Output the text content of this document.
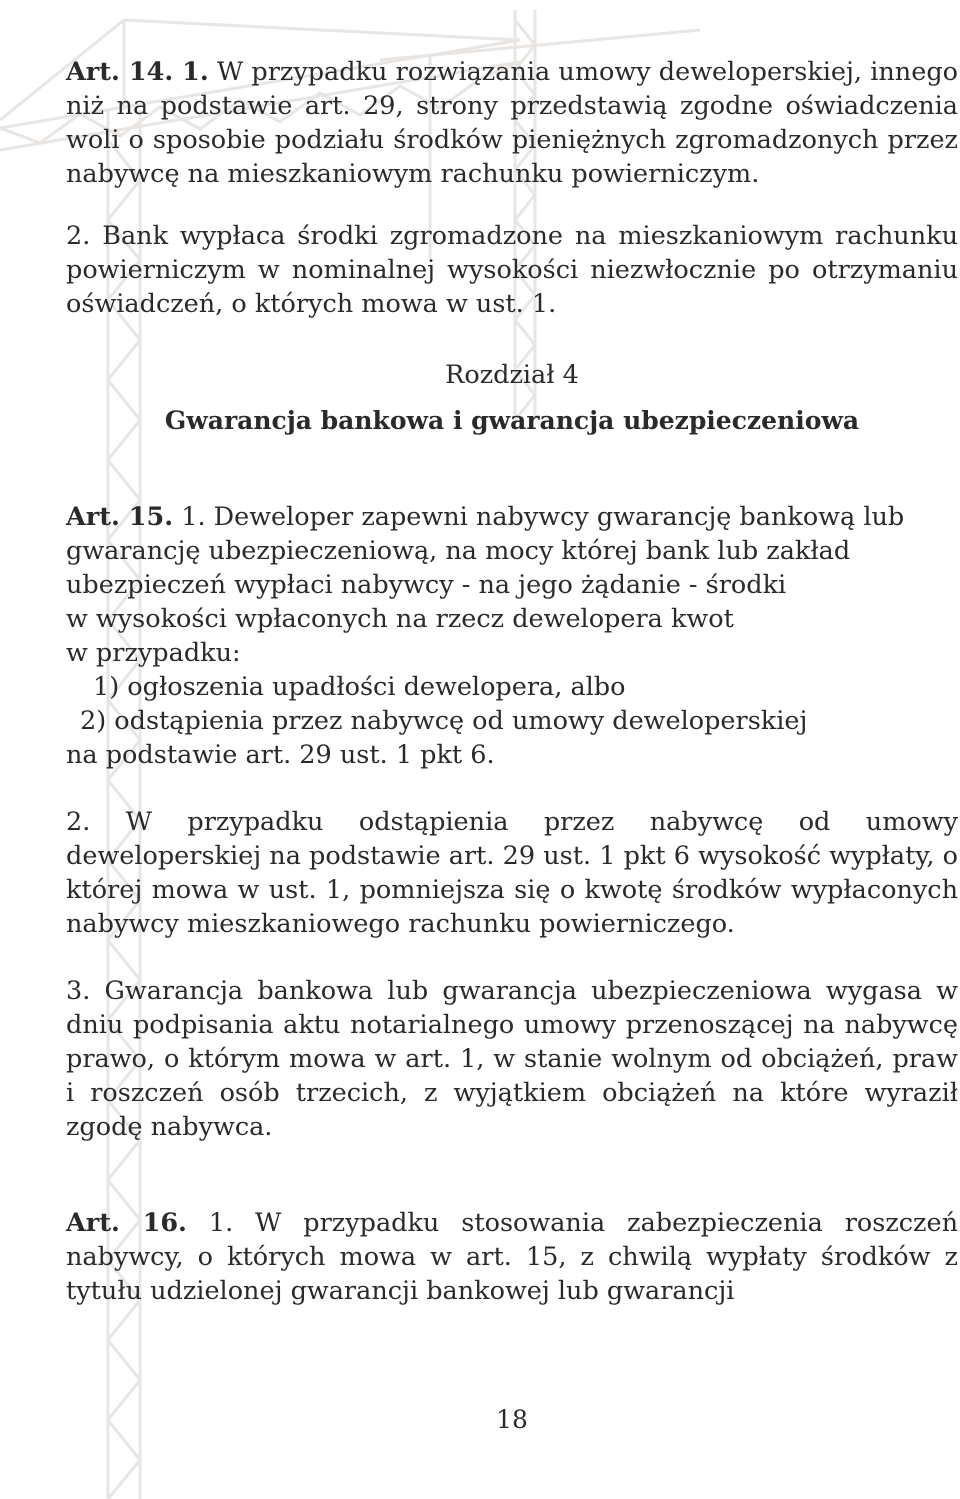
Art. 14. 1. W przypadku rozwiązania umowy deweloperskiej, innego niż na podstawie art. 29, strony przedstawią zgodne oświadczenia woli o sposobie podziału środków pieniężnych zgromadzonych przez nabywcę na mieszkaniowym rachunku powierniczym.

2. Bank wypłaca środki zgromadzone na mieszkaniowym rachunku powierniczym w nominalnej wysokości niezwłocznie po otrzymaniu oświadczeń, o których mowa w ust. 1.

Rozdział 4

Gwarancja bankowa i gwarancja ubezpieczeniowa

Art. 15. 1. Deweloper zapewni nabywcy gwarancję bankową lub
gwarancję ubezpieczeniową, na mocy której bank lub zakład
ubezpieczeń wypłaci nabywcy - na jego żądanie - środki
w wysokości wpłaconych na rzecz dewelopera kwot
w przypadku:

1) ogłoszenia upadłości dewelopera, albo

2) odstąpienia przez nabywcę od umowy deweloperskiej

na podstawie art. 29 ust. 1 pkt 6.

2. W przypadku odstąpienia przez nabywcę od umowy deweloperskiej na podstawie art. 29 ust. 1 pkt 6 wysokość wypłaty, o której mowa w ust. 1, pomniejsza się o kwotę środków wypłaconych nabywcy mieszkaniowego rachunku powierniczego.

3. Gwarancja bankowa lub gwarancja ubezpieczeniowa wygasa w dniu podpisania aktu notarialnego umowy przenoszącej na nabywcę prawo, o którym mowa w art. 1, w stanie wolnym od obciążeń, praw i roszczeń osób trzecich, z wyjątkiem obciążeń na które wyraził zgodę nabywca.

Art. 16. 1. W przypadku stosowania zabezpieczenia roszczeń nabywcy, o których mowa w art. 15, z chwilą wypłaty środków z tytułu udzielonej gwarancji bankowej lub gwarancji

18
